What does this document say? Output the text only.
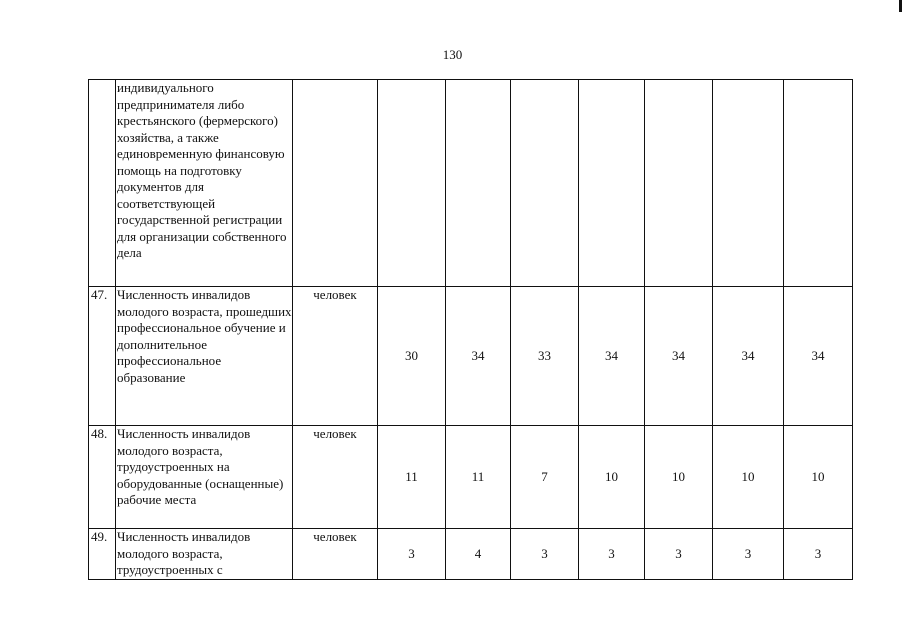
130
	индивидуального предпринимателя либо крестьянского (фермерского) хозяйства, а также единовременную финансовую помощь на подготовку документов для соответствующей государственной регистрации для организации собственного дела								
47.	Численность инвалидов молодого возраста, прошедших профессиональное обучение и дополнительное профессиональное образование	человек	30	34	33	34	34	34	34
48.	Численность инвалидов молодого возраста, трудоустроенных на оборудованные (оснащенные) рабочие места	человек	11	11	7	10	10	10	10
49.	Численность инвалидов молодого возраста, трудоустроенных с	человек	3	4	3	3	3	3	3
